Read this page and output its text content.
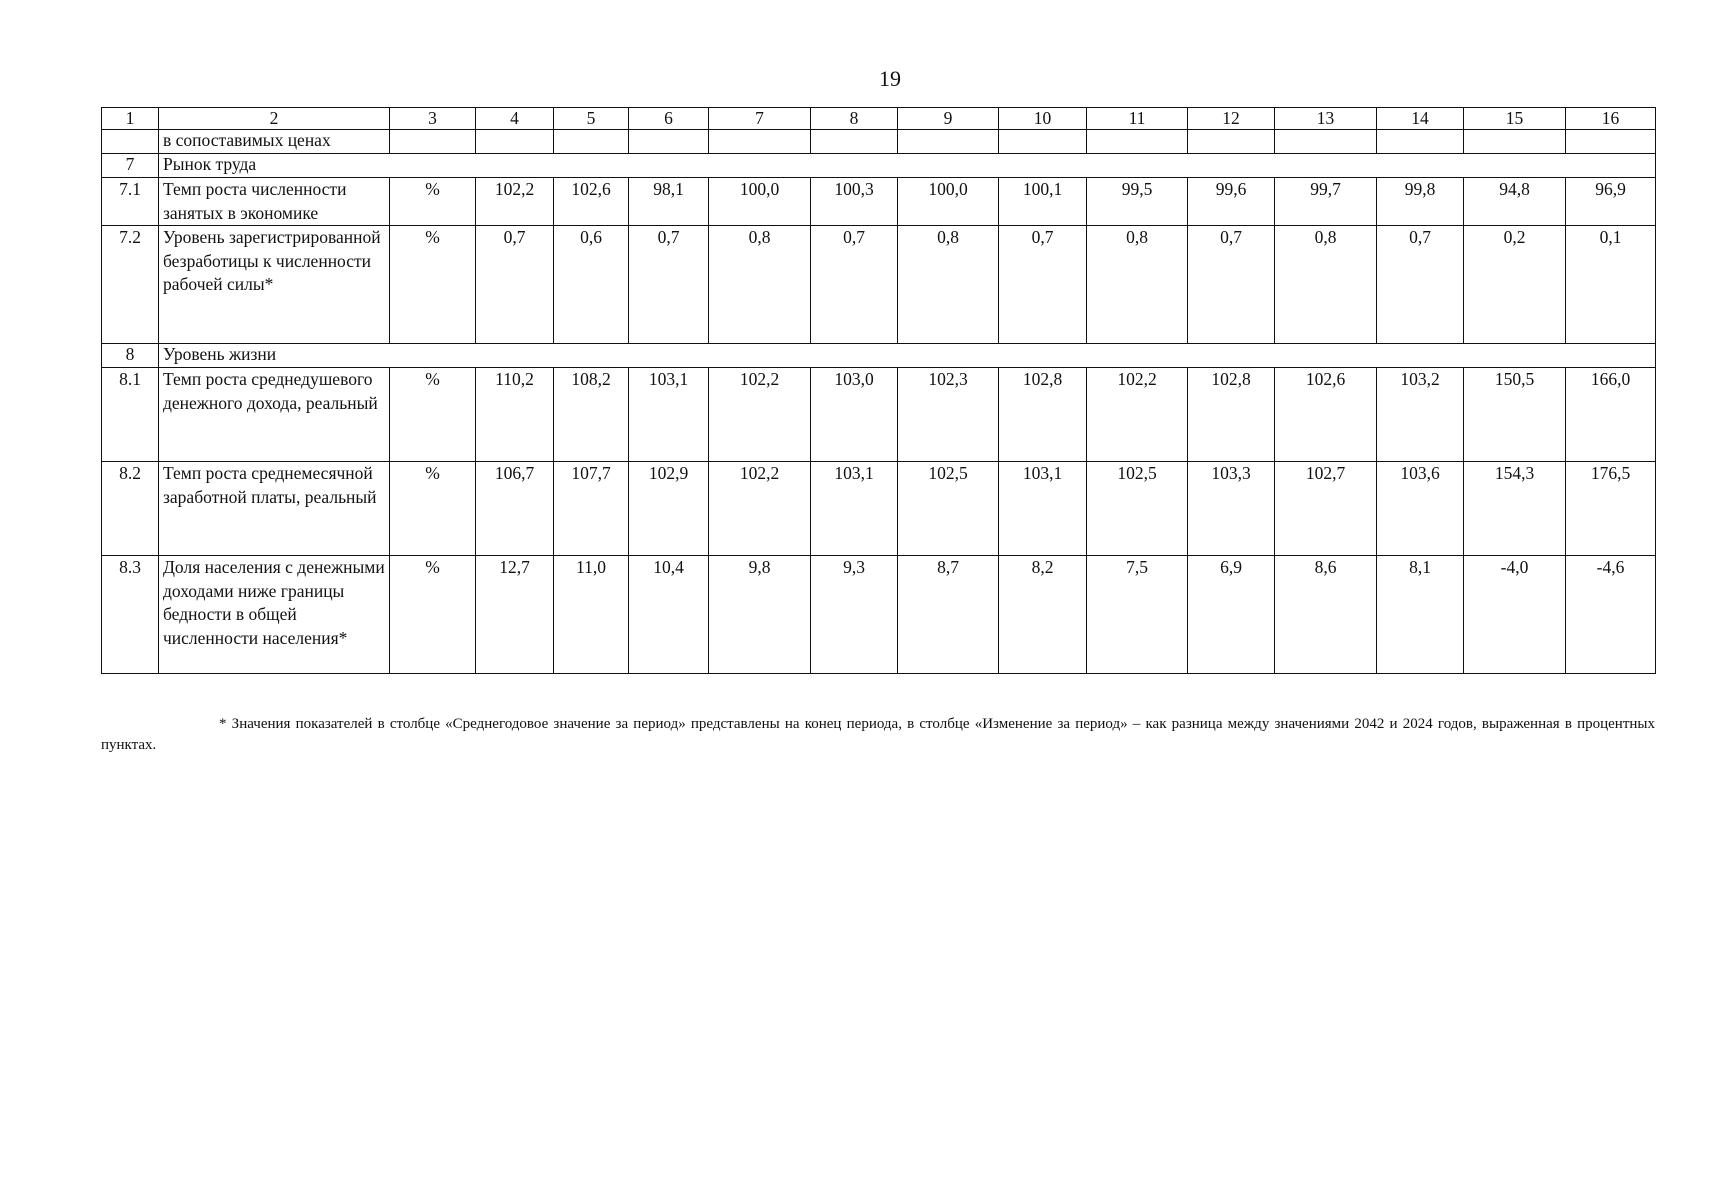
19
1	2	3	4	5	6	7	8	9	10	11	12	13	14	15	16
	в сопоставимых ценах														
7	Рынок труда														
7.1	Темп роста численности занятых в экономике	%	102,2	102,6	98,1	100,0	100,3	100,0	100,1	99,5	99,6	99,7	99,8	94,8	96,9
7.2	Уровень зарегистрированной безработицы к численности рабочей силы*	%	0,7	0,6	0,7	0,8	0,7	0,8	0,7	0,8	0,7	0,8	0,7	0,2	0,1
8	Уровень жизни														
8.1	Темп роста среднедушевого денежного дохода, реальный	%	110,2	108,2	103,1	102,2	103,0	102,3	102,8	102,2	102,8	102,6	103,2	150,5	166,0
8.2	Темп роста среднемесячной заработной платы, реальный	%	106,7	107,7	102,9	102,2	103,1	102,5	103,1	102,5	103,3	102,7	103,6	154,3	176,5
8.3	Доля населения с денежными доходами ниже границы бедности в общей численности населения*	%	12,7	11,0	10,4	9,8	9,3	8,7	8,2	7,5	6,9	8,6	8,1	-4,0	-4,6
* Значения показателей в столбце «Среднегодовое значение за период» представлены на конец периода, в столбце «Изменение за период» – как разница между значениями 2042 и 2024 годов, выраженная в процентных пунктах.
